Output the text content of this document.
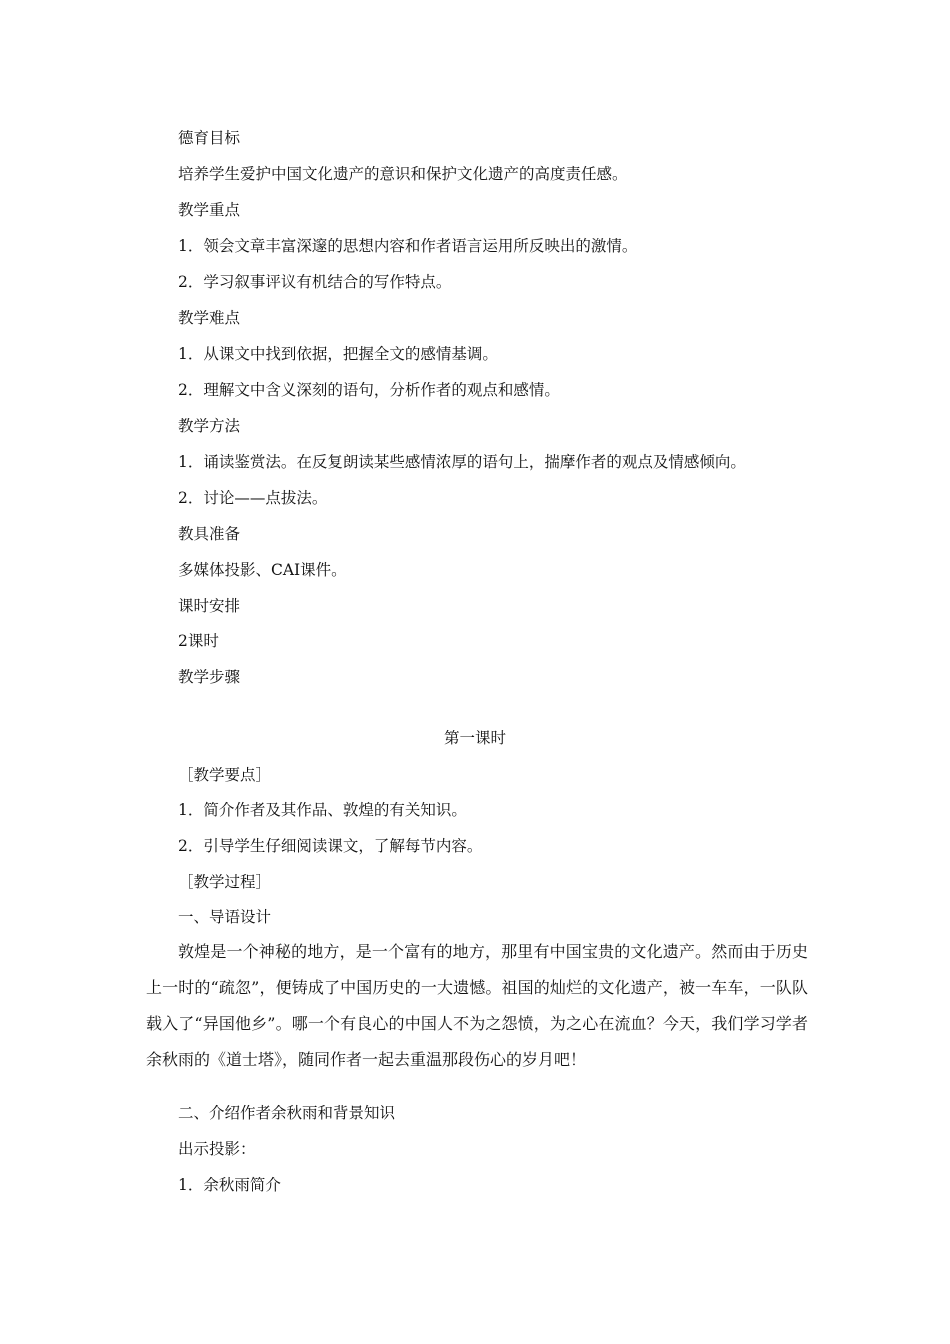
德育目标
培养学生爱护中国文化遗产的意识和保护文化遗产的高度责任感。
教学重点
1．领会文章丰富深邃的思想内容和作者语言运用所反映出的激情。
2．学习叙事评议有机结合的写作特点。
教学难点
1．从课文中找到依据，把握全文的感情基调。
2．理解文中含义深刻的语句，分析作者的观点和感情。
教学方法
1．诵读鉴赏法。在反复朗读某些感情浓厚的语句上，揣摩作者的观点及情感倾向。
2．讨论——点拔法。
教具准备
多媒体投影、CAI课件。
课时安排
2课时
教学步骤
第一课时
［教学要点］
1．简介作者及其作品、敦煌的有关知识。
2．引导学生仔细阅读课文，了解每节内容。
［教学过程］
一、导语设计
敦煌是一个神秘的地方，是一个富有的地方，那里有中国宝贵的文化遗产。然而由于历史上一时的“疏忽”，便铸成了中国历史的一大遗憾。祖国的灿烂的文化遗产，被一车车，一队队载入了“异国他乡”。哪一个有良心的中国人不为之怨愤，为之心在流血？今天，我们学习学者余秋雨的《道士塔》，随同作者一起去重温那段伤心的岁月吧！
二、介绍作者余秋雨和背景知识
出示投影：
1．余秋雨简介
